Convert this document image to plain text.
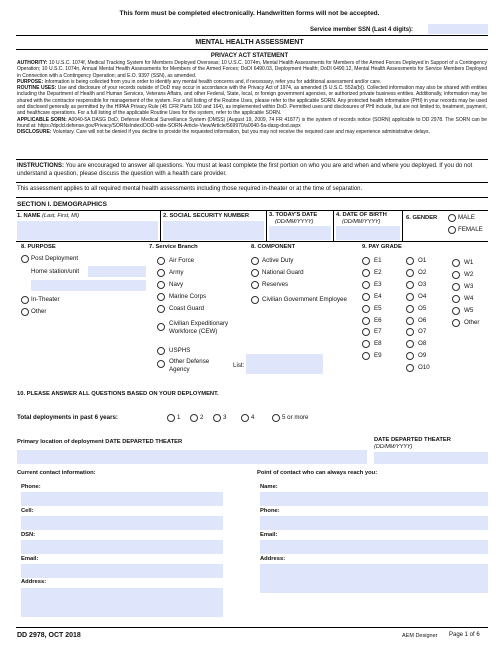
This form must be completed electronically. Handwritten forms will not be accepted.
Service member SSN (Last 4 digits):
MENTAL HEALTH ASSESSMENT
PRIVACY ACT STATEMENT
AUTHORITY: 10 U.S.C. 1074f, Medical Tracking System for Members Deployed Overseas; 10 U.S.C. 1074m, Mental Health Assessments for Members of the Armed Forces Deployed in Support of a Contingency Operation; 10 U.S.C. 1074n, Annual Mental Health Assessments for Members of the Armed Forces; DoDI 6490.03, Deployment Health; DoDI 6490.12, Mental Health Assessments for Service Members Deployed in Connection with a Contingency Operation; and E.O. 9397 (SSN), as amended.
PURPOSE: Information is being collected from you in order to identify any mental health concerns and, if necessary, refer you for additional assessment and/or care.
ROUTINE USES: Use and disclosure of your records outside of DoD may occur in accordance with the Privacy Act of 1974, as amended (5 U.S.C. 552a(b)). Collected information may also be shared with entities including the Department of Health and Human Services, Veterans Affairs, and other Federal, State, local, or foreign government agencies, or authorized private business entities. Additionally, information may be shared with the contractor responsible for management of the system. For a full listing of the Routine Uses, please refer to the applicable SORN. Any protected health information (PHI) in your records may be used and disclosed generally as permitted by the HIPAA Privacy Rule (45 CFR Parts 160 and 164), as implemented within DoD. Permitted uses and disclosures of PHI include, but are not limited to, treatment, payment, and healthcare operations. For a full listing of the applicable Routine Uses for the system, refer to the applicable SORN.
APPLICABLE SORN: A0040-5A DASG DoD, Defense Medical Surveillance System (DMSS) (August 19, 2009, 74 FR 41877) is the system of records notice (SORN) applicable to DD 2978. The SORN can be found at: https://dpcld.defense.gov/Privacy/SORNsIndex/DOD-wide-SORN-Article-View/Article/569970/a0040-5a-dasg-dod.aspx
DISCLOSURE: Voluntary. Care will not be denied if you decline to provide the requested information, but you may not receive the required care and may experience administrative delays.
INSTRUCTIONS: You are encouraged to answer all questions. You must at least complete the first portion on who you are and when and where you deployed. If you do not understand a question, please discuss the question with a health care provider.
This assessment applies to all required mental health assessments including those required in-theater or at the time of separation.
SECTION I. DEMOGRAPHICS
1. NAME (Last, First, MI)	2. SOCIAL SECURITY NUMBER	3. TODAY'S DATE
(DD/MM/YYYY)
4. DATE OF BIRTH
(DD/MM/YYYY)
6. GENDER	MALE
FEMALE
8. PURPOSE
Post Deployment
Home station/unit
In-Theater
Other
7. Service Branch
Air Force
Army
Navy
Marine Corps
Coast Guard
Civilian Expeditionary Workforce (CEW)
USPHS
Other Defense Agency
List:
8. COMPONENT
Active Duty
National Guard
Reserves
Civilian Government Employee
9. PAY GRADE
E1
E2
E3
E4
E5
E6
E7
E8
E9
O1
O2
O3
O4
O5
O6
O7
O8
O9
O10
W1
W2
W3
W4
W5
Other
10. PLEASE ANSWER ALL QUESTIONS BASED ON YOUR DEPLOYMENT.
Total deployments in past 6 years:	1	2	3	4	5 or more
Primary location of deployment DATE DEPARTED THEATER	DATE DEPARTED THEATER
(DD/MM/YYYY)
Current contact information:	Point of contact who can always reach you:
Phone:
Cell:
DSN:
Email:
Address:
Name:
Phone:
Email:
Address:
DD 2978, OCT 2018	AEM Designer Page 1 of 6
